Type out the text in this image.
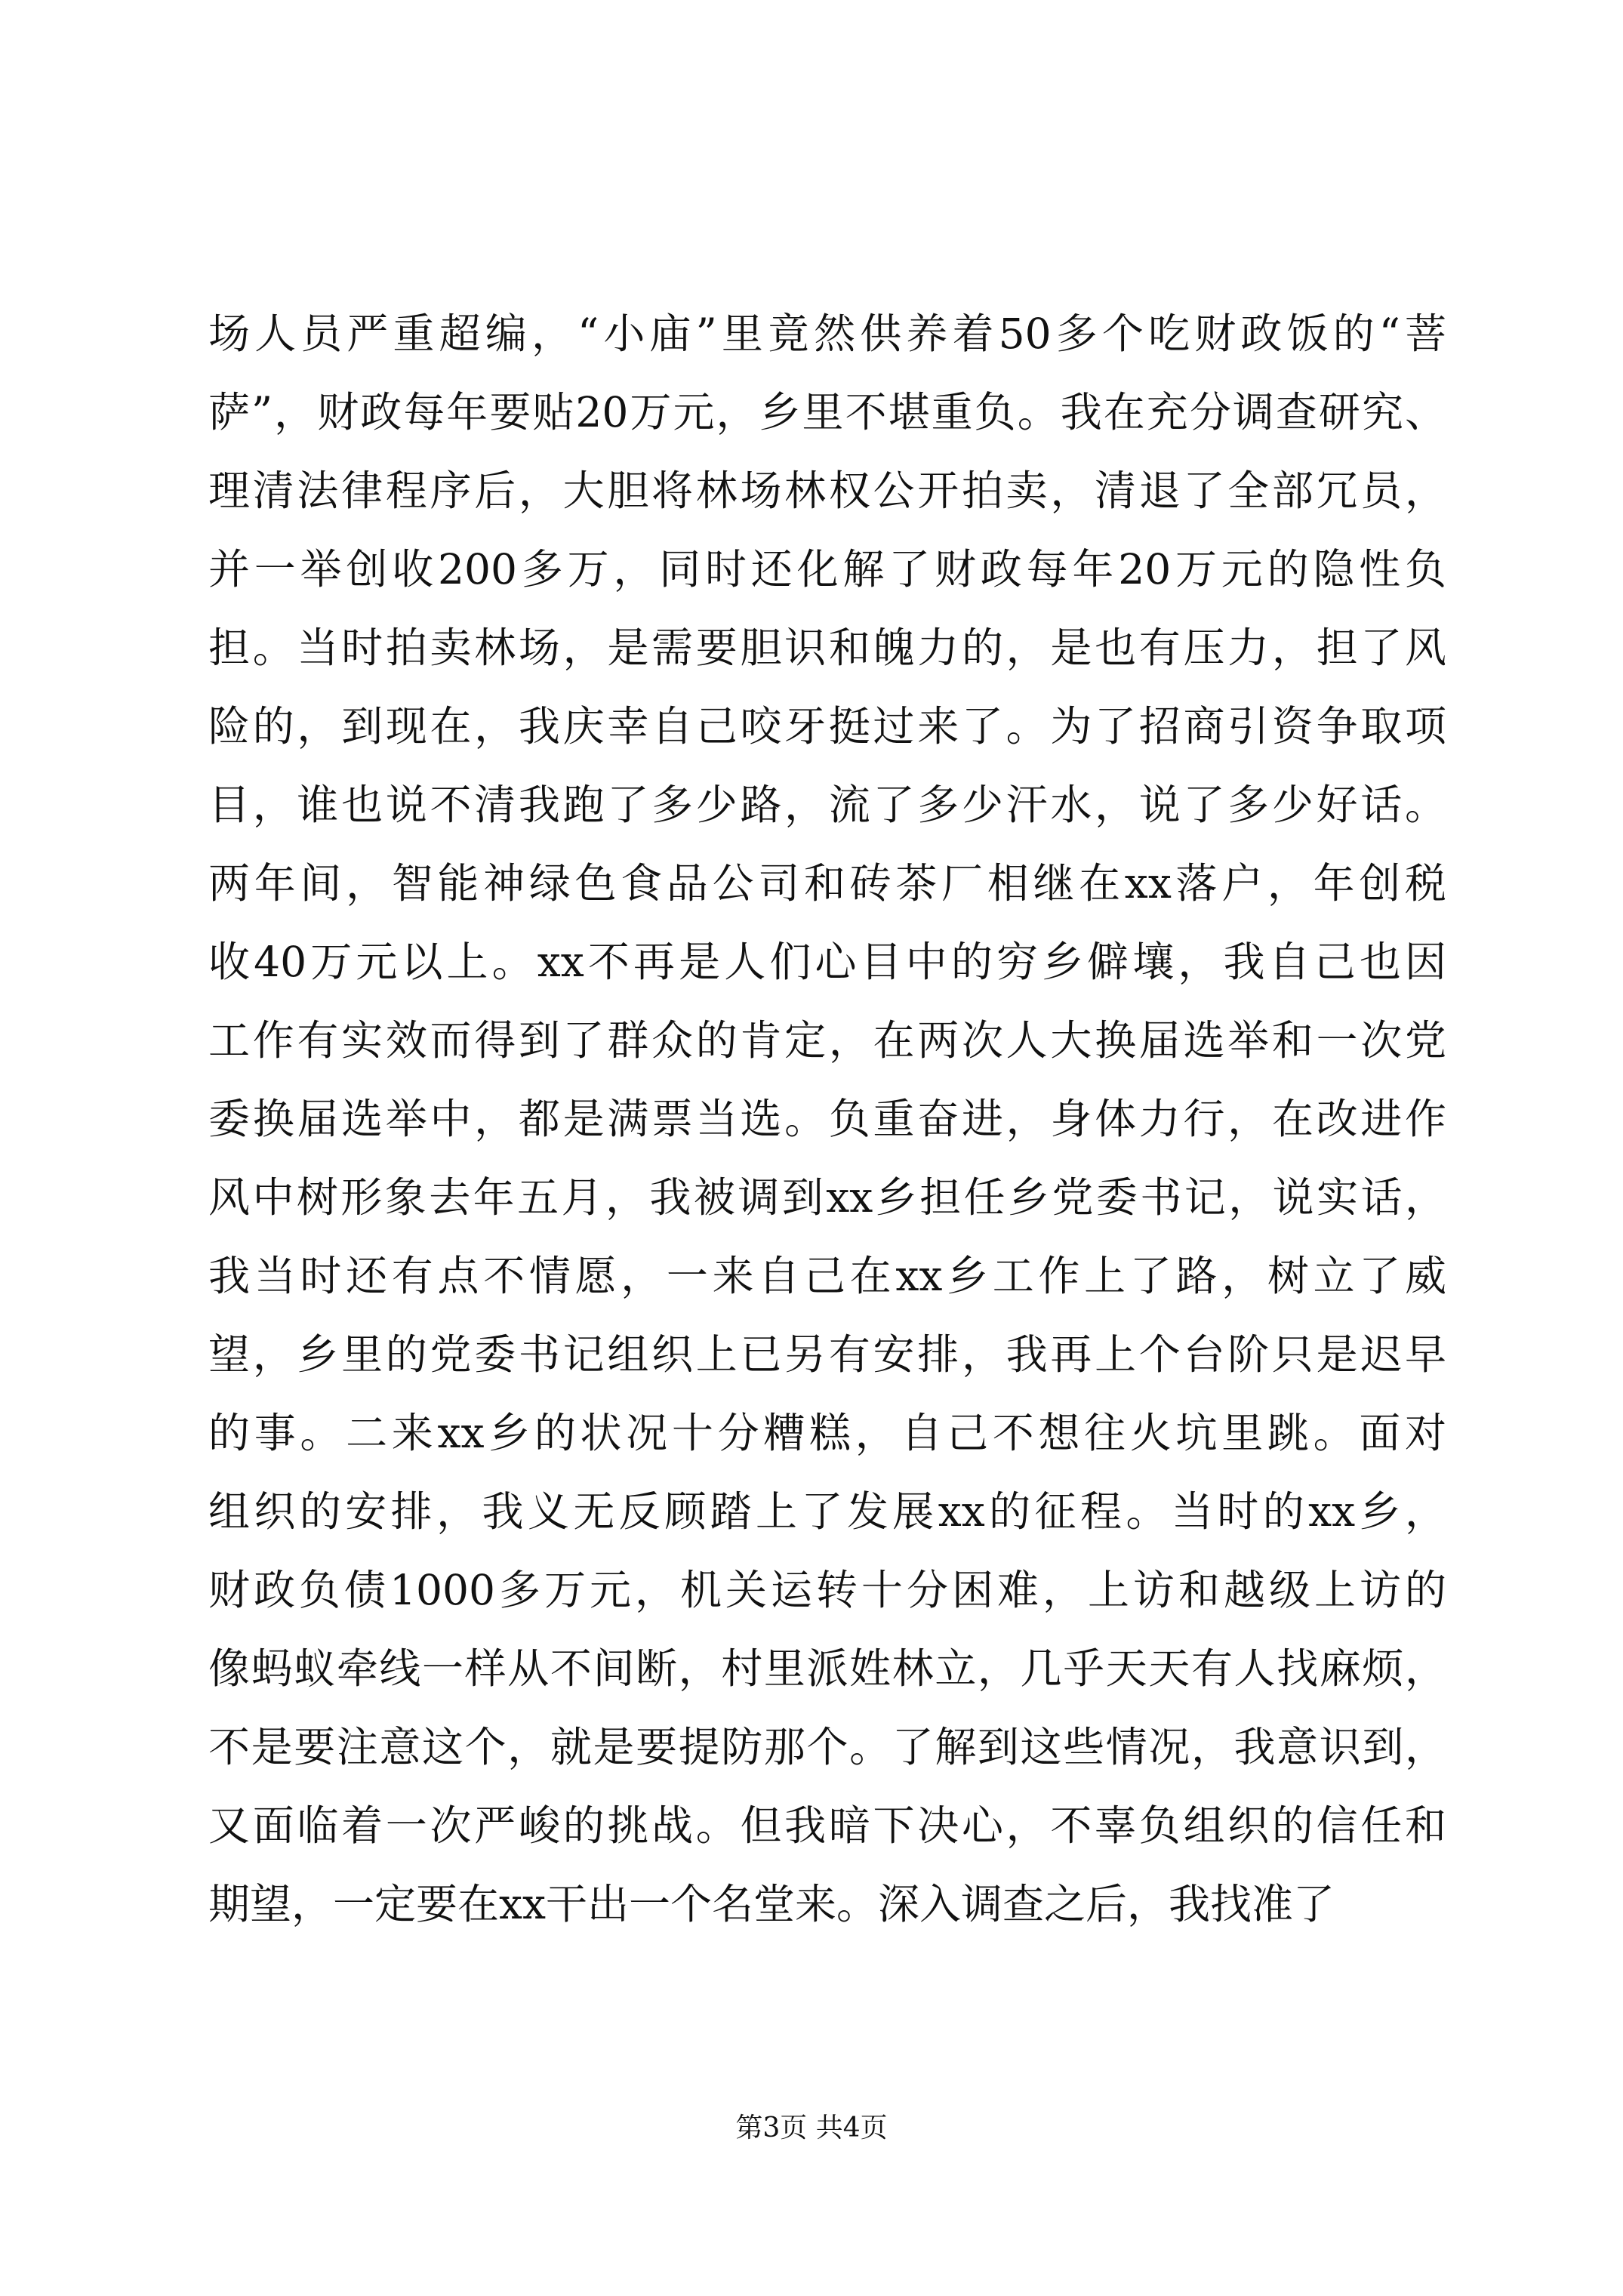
场人员严重超编，“小庙”里竟然供养着50多个吃财政饭的“菩
萨”，财政每年要贴20万元，乡里不堪重负。我在充分调查研究、
理清法律程序后，大胆将林场林权公开拍卖，清退了全部冗员，
并一举创收200多万，同时还化解了财政每年20万元的隐性负
担。当时拍卖林场，是需要胆识和魄力的，是也有压力，担了风
险的，到现在，我庆幸自己咬牙挺过来了。为了招商引资争取项
目，谁也说不清我跑了多少路，流了多少汗水，说了多少好话。
两年间，智能神绿色食品公司和砖茶厂相继在xx落户，年创税
收40万元以上。xx不再是人们心目中的穷乡僻壤，我自己也因
工作有实效而得到了群众的肯定，在两次人大换届选举和一次党
委换届选举中，都是满票当选。负重奋进，身体力行，在改进作
风中树形象去年五月，我被调到xx乡担任乡党委书记，说实话，
我当时还有点不情愿，一来自己在xx乡工作上了路，树立了威
望，乡里的党委书记组织上已另有安排，我再上个台阶只是迟早
的事。二来xx乡的状况十分糟糕，自己不想往火坑里跳。面对
组织的安排，我义无反顾踏上了发展xx的征程。当时的xx乡，
财政负债1000多万元，机关运转十分困难，上访和越级上访的
像蚂蚁牵线一样从不间断，村里派姓林立，几乎天天有人找麻烦，
不是要注意这个，就是要提防那个。了解到这些情况，我意识到，
又面临着一次严峻的挑战。但我暗下决心，不辜负组织的信任和
期望，一定要在xx干出一个名堂来。深入调查之后，我找准了
第3页 共4页
